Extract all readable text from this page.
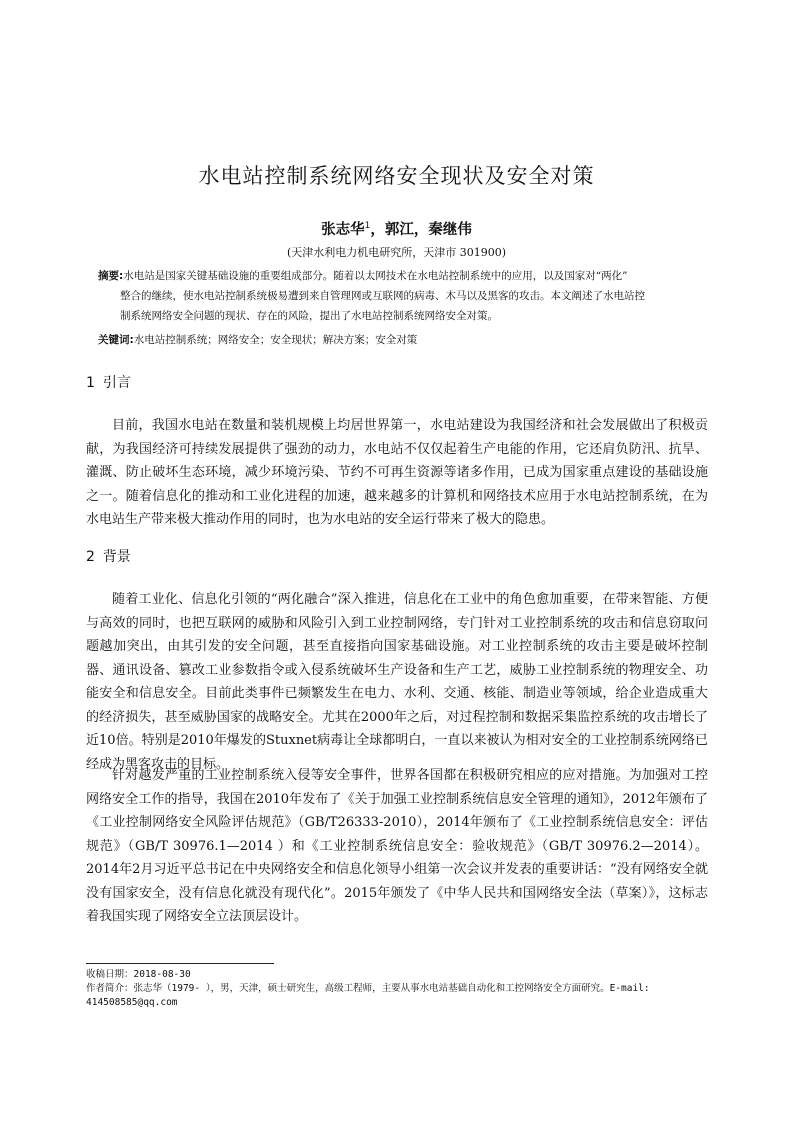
水电站控制系统网络安全现状及安全对策
张志华$^1$，郭江，秦继伟
(天津水利电力机电研究所，天津市 301900)
摘要:水电站是国家关键基础设施的重要组成部分。随着以太网技术在水电站控制系统中的应用，以及国家对“两化”
整合的继续，使水电站控制系统极易遭到来自管理网或互联网的病毒、木马以及黑客的攻击。本文阐述了水电站控
制系统网络安全问题的现状、存在的风险，提出了水电站控制系统网络安全对策。
关键词:水电站控制系统；网络安全；安全现状；解决方案；安全对策
1 引言
目前，我国水电站在数量和装机规模上均居世界第一，水电站建设为我国经济和社会发展做出了积极贡献，为我国经济可持续发展提供了强劲的动力，水电站不仅仅起着生产电能的作用，它还肩负防汛、抗旱、灌溉、防止破坏生态环境，减少环境污染、节约不可再生资源等诸多作用，已成为国家重点建设的基础设施之一。随着信息化的推动和工业化进程的加速，越来越多的计算机和网络技术应用于水电站控制系统，在为水电站生产带来极大推动作用的同时，也为水电站的安全运行带来了极大的隐患。
2 背景
随着工业化、信息化引领的“两化融合”深入推进，信息化在工业中的角色愈加重要，在带来智能、方便与高效的同时，也把互联网的威胁和风险引入到工业控制网络，专门针对工业控制系统的攻击和信息窃取问题越加突出，由其引发的安全问题，甚至直接指向国家基础设施。对工业控制系统的攻击主要是破坏控制器、通讯设备、篡改工业参数指令或入侵系统破坏生产设备和生产工艺，威胁工业控制系统的物理安全、功能安全和信息安全。目前此类事件已频繁发生在电力、水利、交通、核能、制造业等领域，给企业造成重大的经济损失，甚至威胁国家的战略安全。尤其在2000年之后，对过程控制和数据采集监控系统的攻击增长了近10倍。特别是2010年爆发的Stuxnet病毒让全球都明白，一直以来被认为相对安全的工业控制系统网络已经成为黑客攻击的目标。
针对越发严重的工业控制系统入侵等安全事件，世界各国都在积极研究相应的应对措施。为加强对工控网络安全工作的指导，我国在2010年发布了《关于加强工业控制系统信息安全管理的通知》，2012年颁布了《工业控制网络安全风险评估规范》（GB/T26333-2010），2014年颁布了《工业控制系统信息安全：评估规范》（GB/T 30976.1—2014 ）和《工业控制系统信息安全：验收规范》（GB/T 30976.2—2014）。2014年2月习近平总书记在中央网络安全和信息化领导小组第一次会议并发表的重要讲话：“没有网络安全就没有国家安全，没有信息化就没有现代化”。2015年颁发了《中华人民共和国网络安全法（草案）》，这标志着我国实现了网络安全立法顶层设计。
收稿日期：2018-08-30
作者简介：张志华（1979- ），男，天津，硕士研究生，高级工程师，主要从事水电站基础自动化和工控网络安全方面研究。E-mail:
414508585@qq.com
